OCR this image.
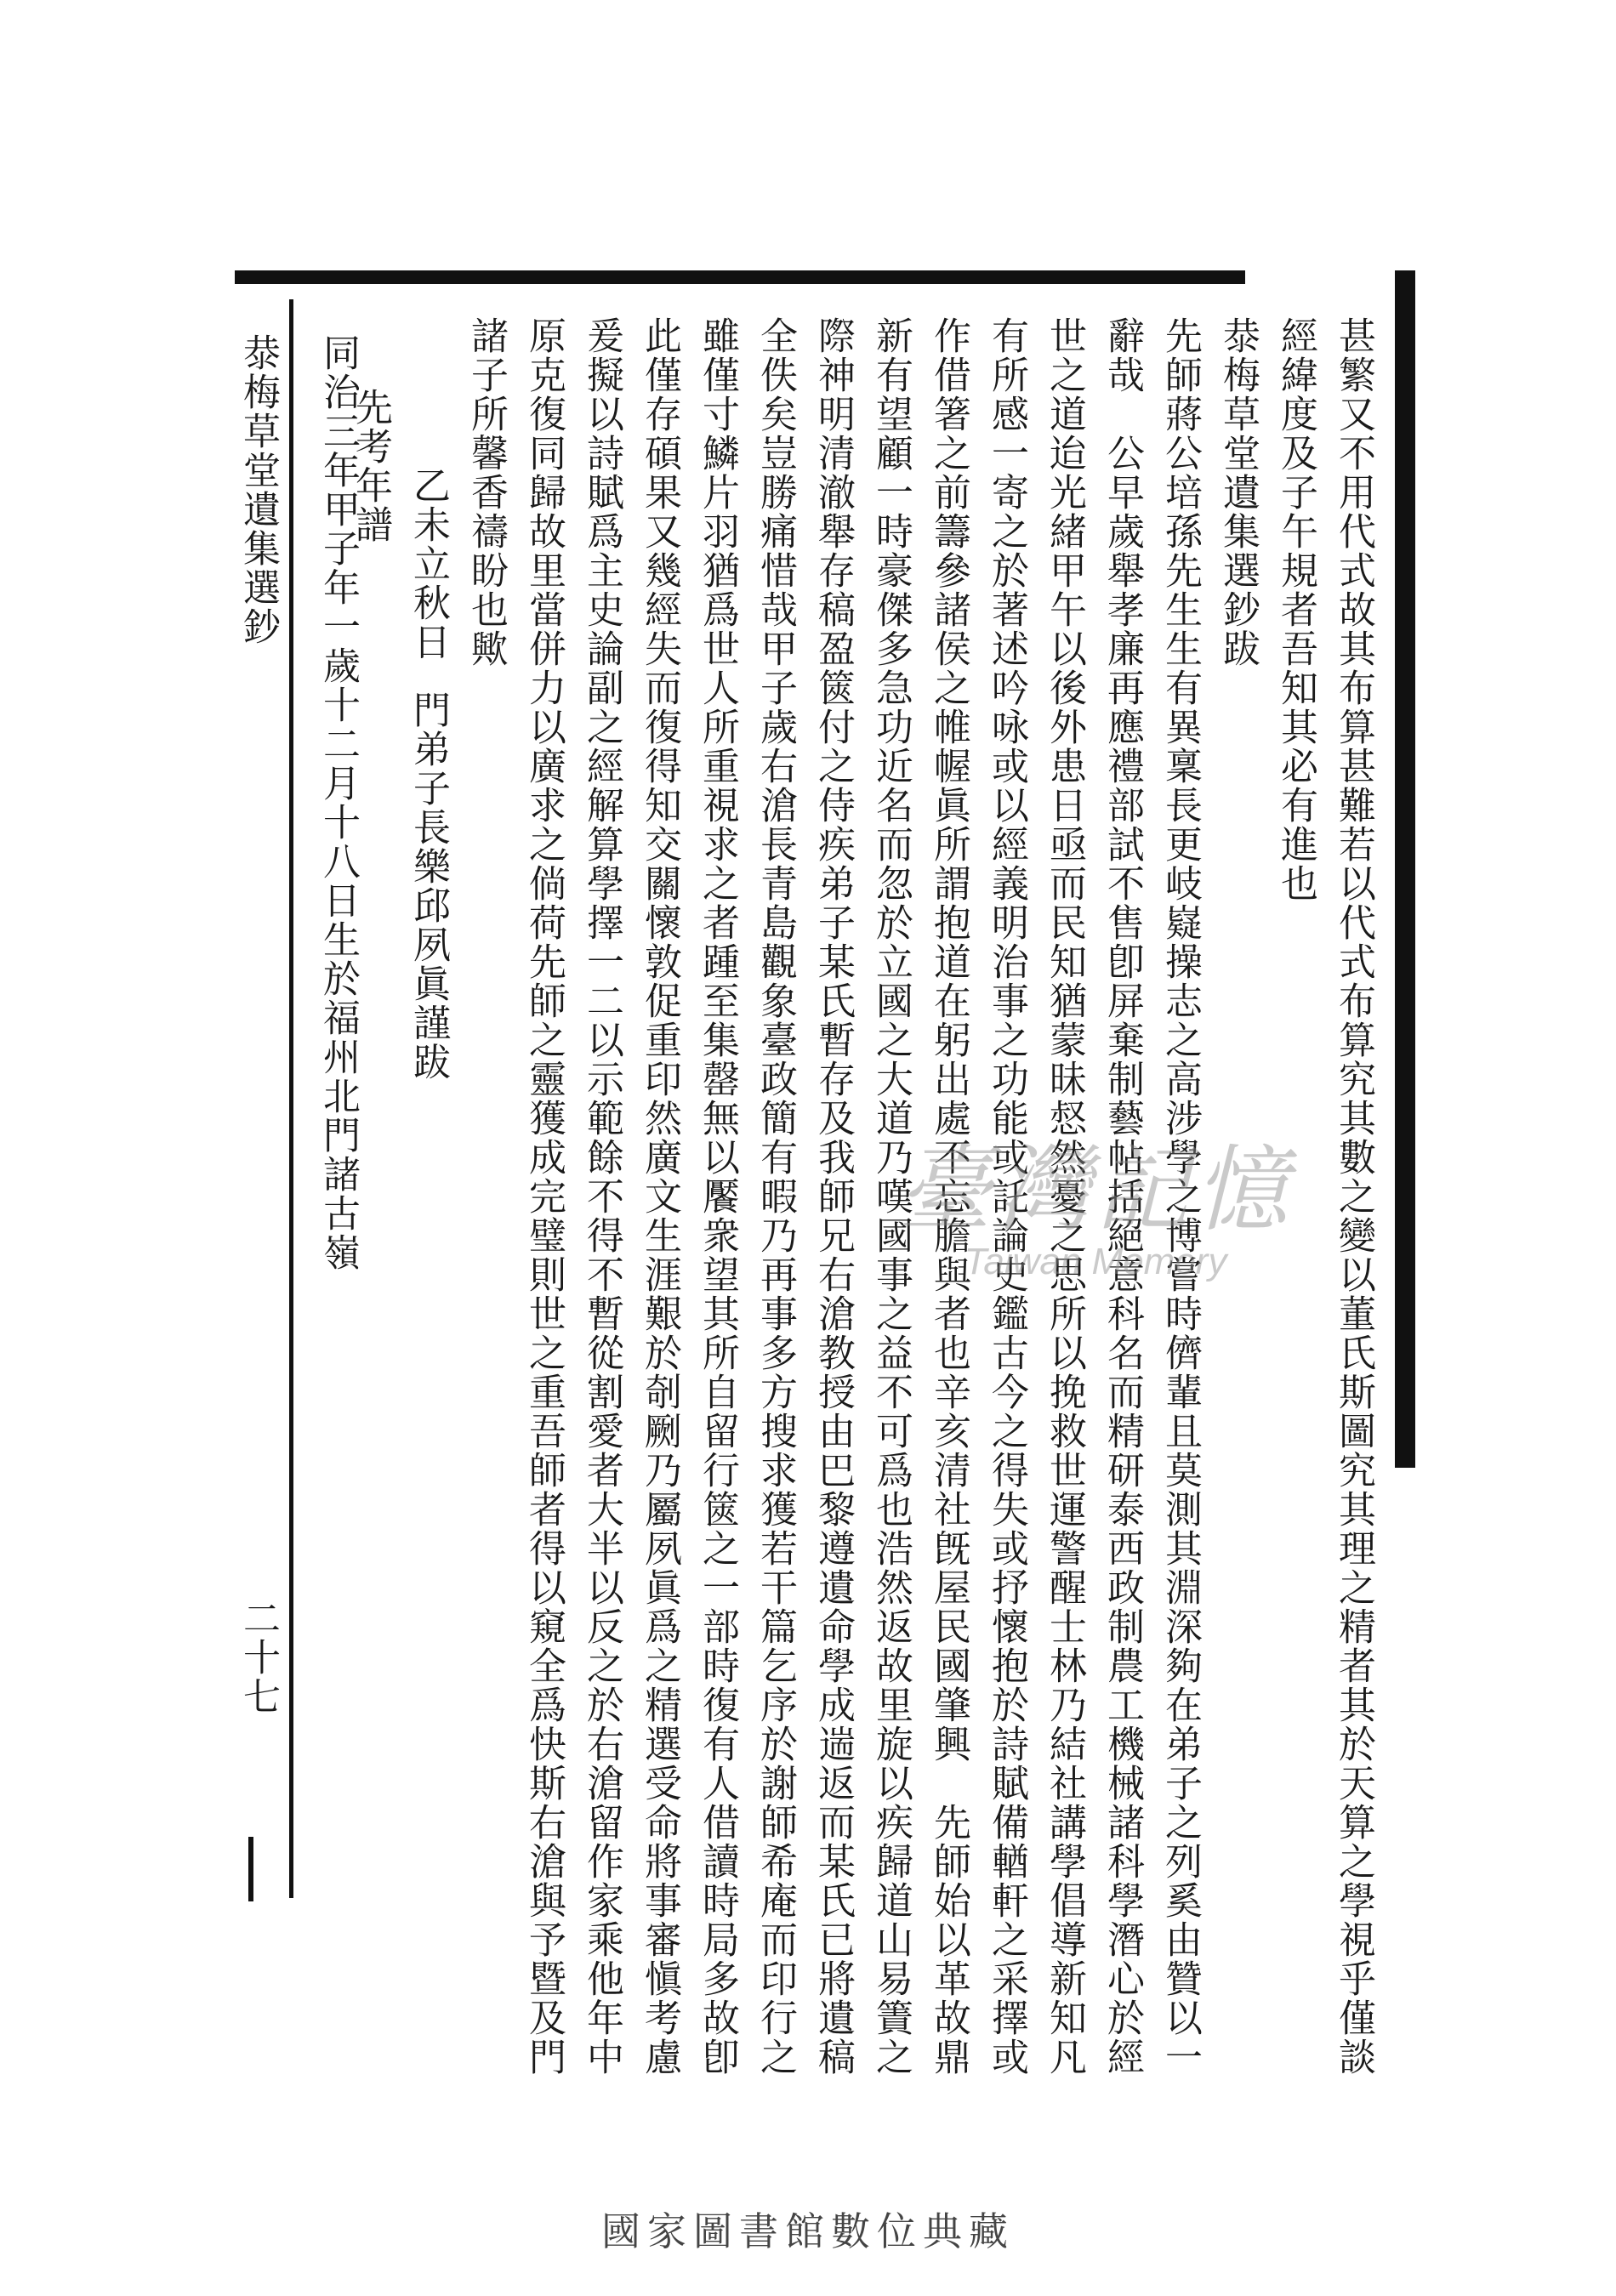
甚繁又不用代式故其布算甚難若以代式布算究其數之變以董氏斯圖究其理之精者其於天算之學視乎僅談
經緯度及子午規者吾知其必有進也
㳟梅草堂遺集選鈔跋
先師蔣公培孫先生生有異稟長更岐嶷操志之高涉學之博嘗時儕輩且莫測其淵深夠在弟子之列奚由贊以一
辭哉　公早歲舉孝廉再應禮部試不售卽屏棄制藝帖括絕意科名而精研泰西政制農工機械諸科學潛心於經
世之道迨光緒甲午以後外患日亟而民知猶蒙昧惄然憂之思所以挽救世運警醒士林乃結社講學倡導新知凡
有所感一寄之於著述吟咏或以經義明治事之功能或託論史鑑古今之得失或抒懷抱於詩賦備輶軒之采擇或
作借箸之前籌參諸侯之帷幄眞所謂抱道在躬出處不忘膽與者也辛亥清社旣屋民國肇興　先師始以革故鼎
新有望顧一時豪傑多急功近名而忽於立國之大道乃嘆國事之益不可爲也浩然返故里旋以疾歸道山易簀之
際神明清澈舉存稿盈篋付之侍疾弟子某氏暫存及我師兄右滄教授由巴黎遵遺命學成遄返而某氏已將遺稿
全佚矣豈勝痛惜哉甲子歲右滄長青島觀象臺政簡有暇乃再事多方搜求獲若干篇乞序於謝師希庵而印行之
雖僅寸鱗片羽猶爲世人所重視求之者踵至集罄無以饜衆望其所自留行篋之一部時復有人借讀時局多故卽
此僅存碩果又幾經失而復得知交關懷敦促重印然廣文生涯艱於剞劂乃屬夙眞爲之精選受命將事審愼考慮
爰擬以詩賦爲主史論副之經解算學擇一二以示範餘不得不暫從割愛者大半以反之於右滄留作家乘他年中
原克復同歸故里當併力以廣求之倘荷先師之靈獲成完璧則世之重吾師者得以窺全爲快斯右滄與予暨及門
諸子所馨香禱盼也歟
乙未立秋日
門弟子長樂邱夙眞謹跋
先考年譜
同治三年甲子年一歲十二月十八日生於福州北門諸古嶺
㳟梅草堂遺集選鈔
二十七
臺灣記憶
Taiwan Memory
國家圖書館數位典藏
